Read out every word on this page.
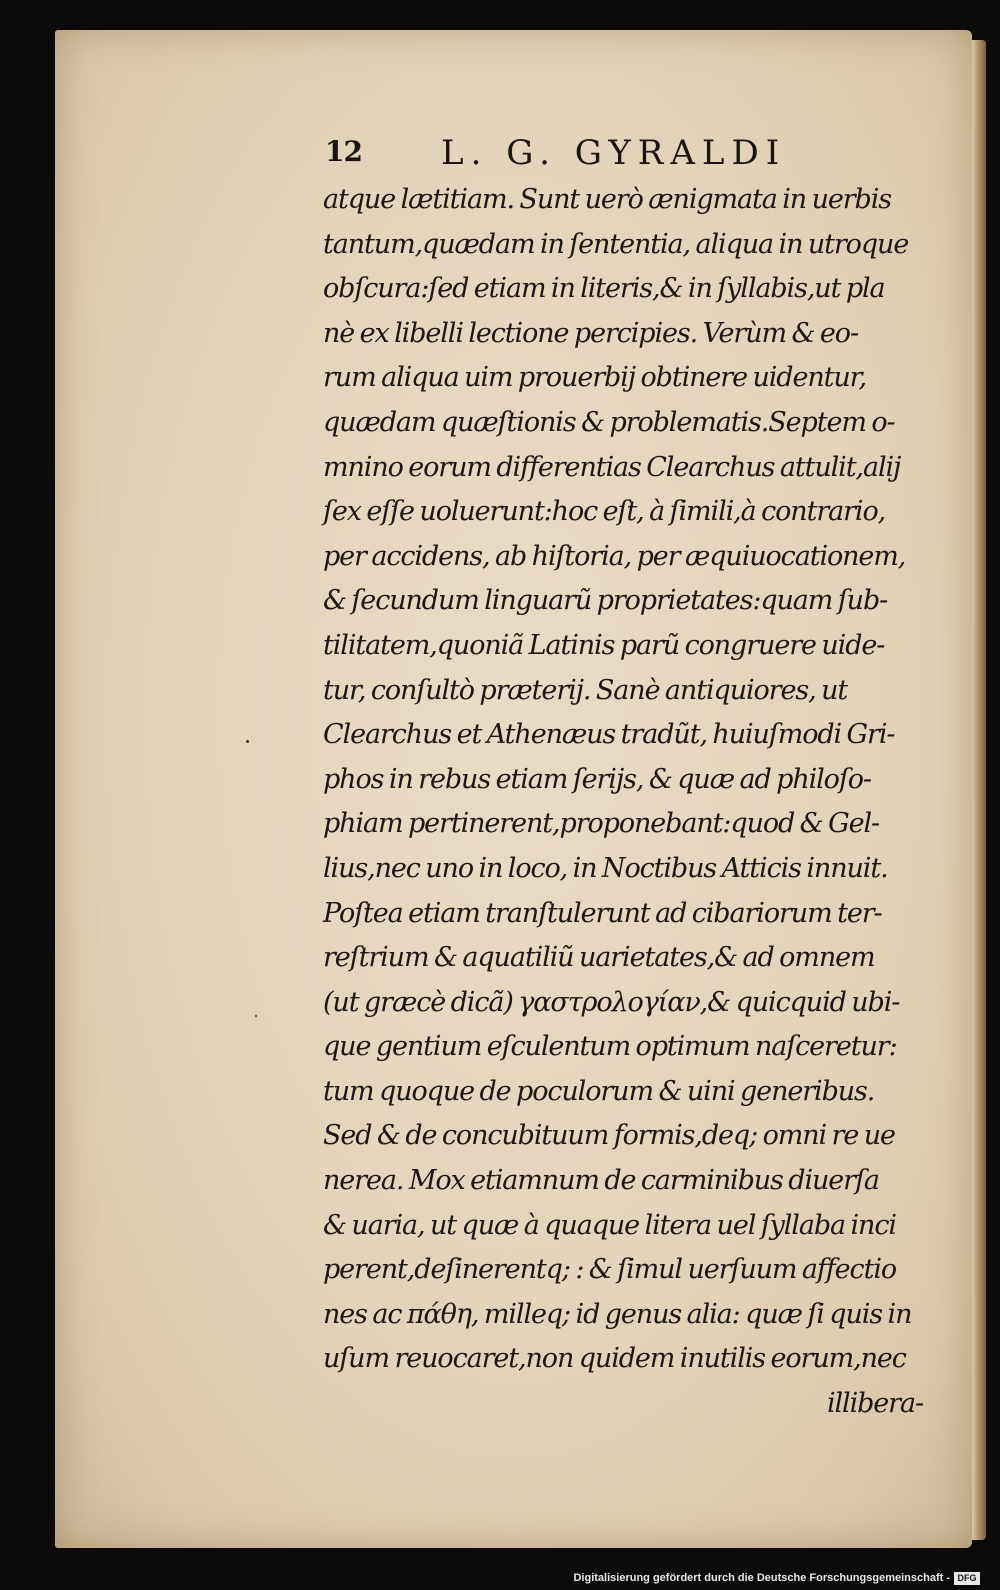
12 L. G. GYRALDI
atque lætitiam. Sunt uerò ænigmata in uerbis
tantum,quædam in ſententia, aliqua in utroque
obſcura:ſed etiam in literis,& in ſyllabis,ut pla
nè ex libelli lectione percipies. Verùm & eo-
rum aliqua uim prouerbij obtinere uidentur,
quædam quæſtionis & problematis.Septem o-
mnino eorum differentias Clearchus attulit,alij
ſex eſſe uoluerunt:hoc eſt, à ſimili,à contrario,
per accidens, ab hiſtoria, per æquiuocationem,
& ſecundum linguarũ proprietates:quam ſub-
tilitatem,quoniã Latinis parũ congruere uide-
tur, conſultò præterij. Sanè antiquiores, ut
Clearchus et Athenæus tradũt, huiuſmodi Gri-
phos in rebus etiam ſerijs, & quæ ad philoſo-
phiam pertinerent,proponebant:quod & Gel-
lius,nec uno in loco, in Noctibus Atticis innuit.
Poſtea etiam tranſtulerunt ad cibariorum ter-
reſtrium & aquatiliũ uarietates,& ad omnem
(ut græcè dicã) γαστρολογίαν,& quicquid ubi-
que gentium eſculentum optimum naſceretur:
tum quoque de poculorum & uini generibus.
Sed & de concubituum formis,deq; omni re ue
nerea. Mox etiamnum de carminibus diuerſa
& uaria, ut quæ à quaque litera uel ſyllaba inci
perent,deſinerentq; : & ſimul uerſuum affectio
nes ac πάθη, milleq; id genus alia: quæ ſi quis in
uſum reuocaret,non quidem inutilis eorum,nec
illibera-
Digitalisierung gefördert durch die Deutsche Forschungsgemeinschaft - DFG
